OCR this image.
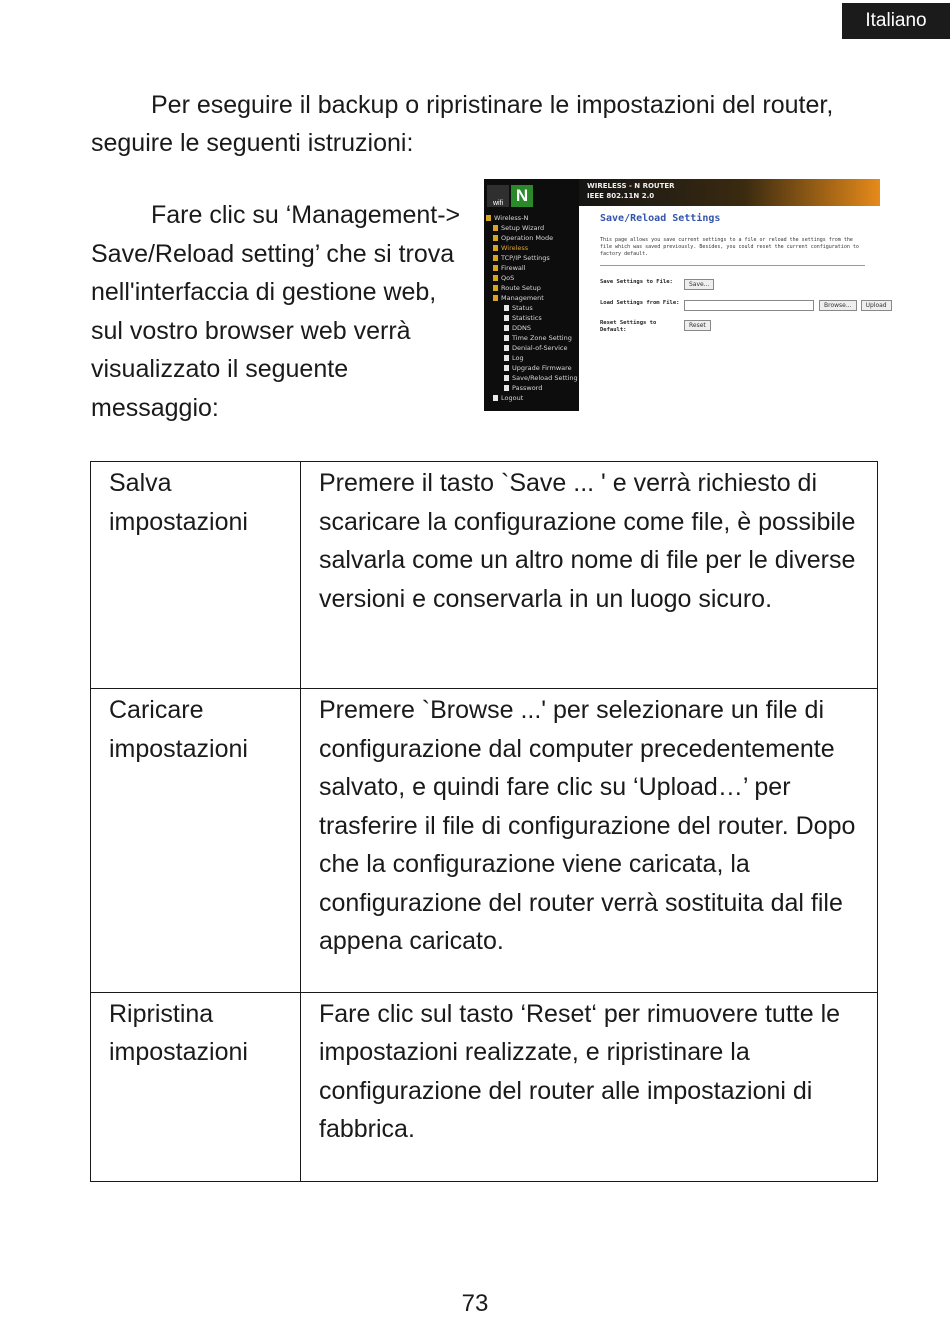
Italiano

Per eseguire il backup o ripristinare le impostazioni del router, seguire le seguenti istruzioni:

Fare clic su ‘Management-> Save/Reload setting’ che si trova nell'interfaccia di gestione web, sul vostro browser web verrà visualizzato il seguente messaggio:

wifi N
Wireless-N
Setup Wizard
Operation Mode
Wireless
TCP/IP Settings
Firewall
QoS
Route Setup
Management
Status
Statistics
DDNS
Time Zone Setting
Denial-of-Service
Log
Upgrade Firmware
Save/Reload Setting
Password
Logout
WIRELESS - N ROUTER
IEEE 802.11N 2.0
Save/Reload Settings
This page allows you save current settings to a file or reload the settings from the file which was saved previously. Besides, you could reset the current configuration to factory default.
Save Settings to File:	Save...
Load Settings from File:	Browse...	Upload
Reset Settings to Default:
Reset
Salva impostazioni	Premere il tasto `Save ... ' e verrà richiesto di scaricare la configurazione come file, è possibile salvarla come un altro nome di file per le diverse versioni e conservarla in un luogo sicuro.

Caricare impostazioni	Premere `Browse ...' per selezionare un file di configurazione dal computer precedentemente salvato, e quindi fare clic su ‘Upload…’ per trasferire il file di configurazione del router. Dopo che la configurazione viene caricata, la configurazione del router verrà sostituita dal file appena caricato.

Ripristina impostazioni	Fare clic sul tasto ‘Reset‘ per rimuovere tutte le impostazioni realizzate, e ripristinare la configurazione del router alle impostazioni di fabbrica.
73
